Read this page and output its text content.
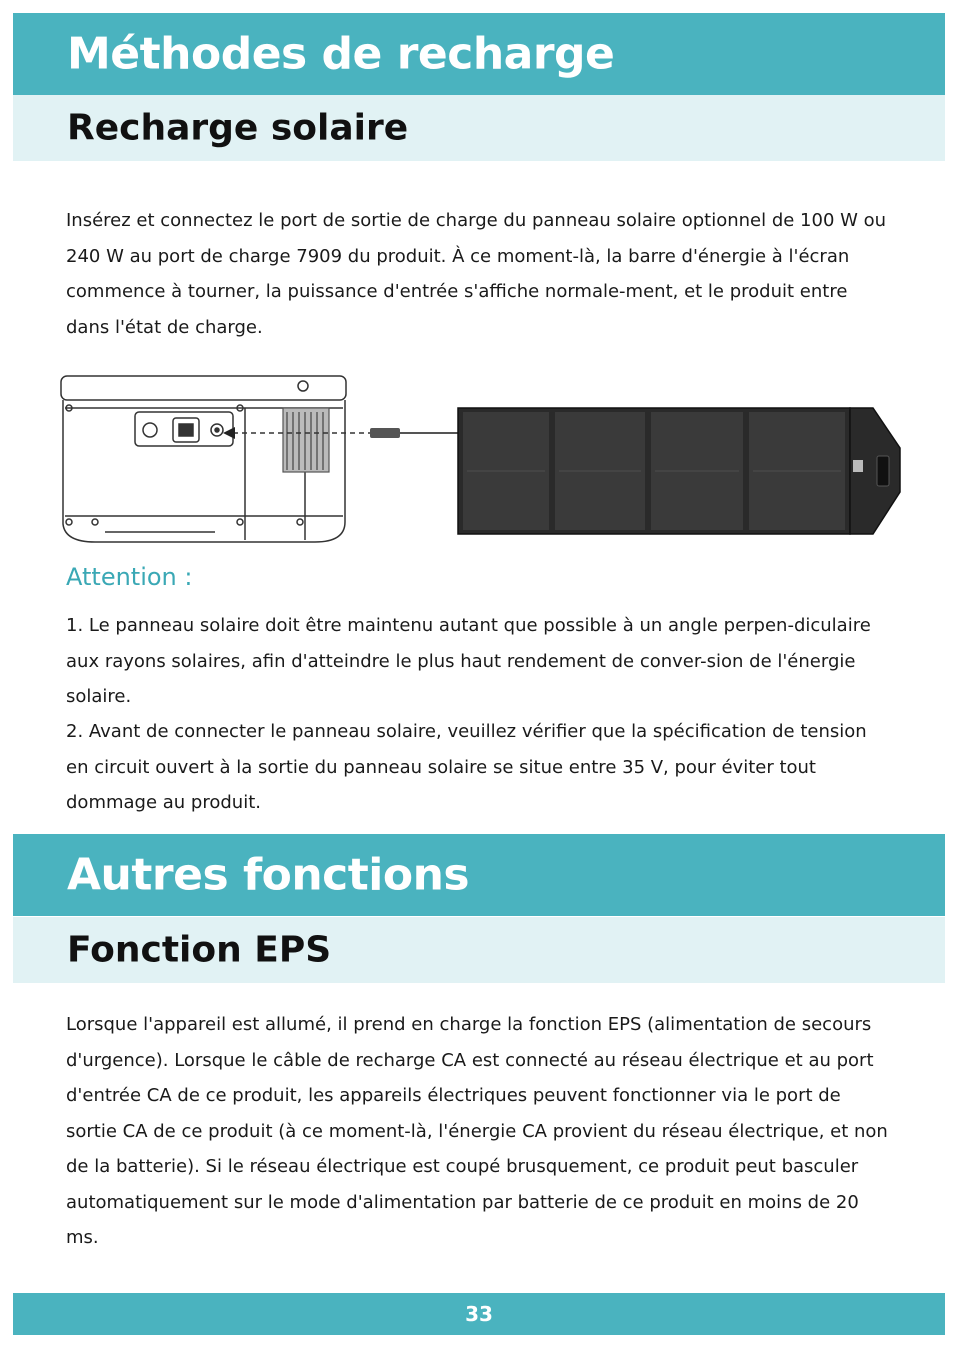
Méthodes de recharge
Recharge solaire

Insérez et connectez le port de sortie de charge du panneau solaire optionnel de 100 W ou 240 W au port de charge 7909 du produit. À ce moment-là, la barre d'énergie à l'écran commence à tourner, la puissance d'entrée s'affiche normale-ment, et le produit entre dans l'état de charge.

Attention :

1. Le panneau solaire doit être maintenu autant que possible à un angle perpen-diculaire aux rayons solaires, afin d'atteindre le plus haut rendement de conver-sion de l'énergie solaire.

2. Avant de connecter le panneau solaire, veuillez vérifier que la spécification de tension en circuit ouvert à la sortie du panneau solaire se situe entre 35 V, pour éviter tout dommage au produit.

Autres fonctions
Fonction EPS

Lorsque l'appareil est allumé, il prend en charge la fonction EPS (alimentation de secours d'urgence). Lorsque le câble de recharge CA est connecté au réseau électrique et au port d'entrée CA de ce produit, les appareils électriques peuvent fonctionner via le port de sortie CA de ce produit (à ce moment-là, l'énergie CA provient du réseau électrique, et non de la batterie). Si le réseau électrique est coupé brusquement, ce produit peut basculer automatiquement sur le mode d'alimentation par batterie de ce produit en moins de 20 ms.

33
